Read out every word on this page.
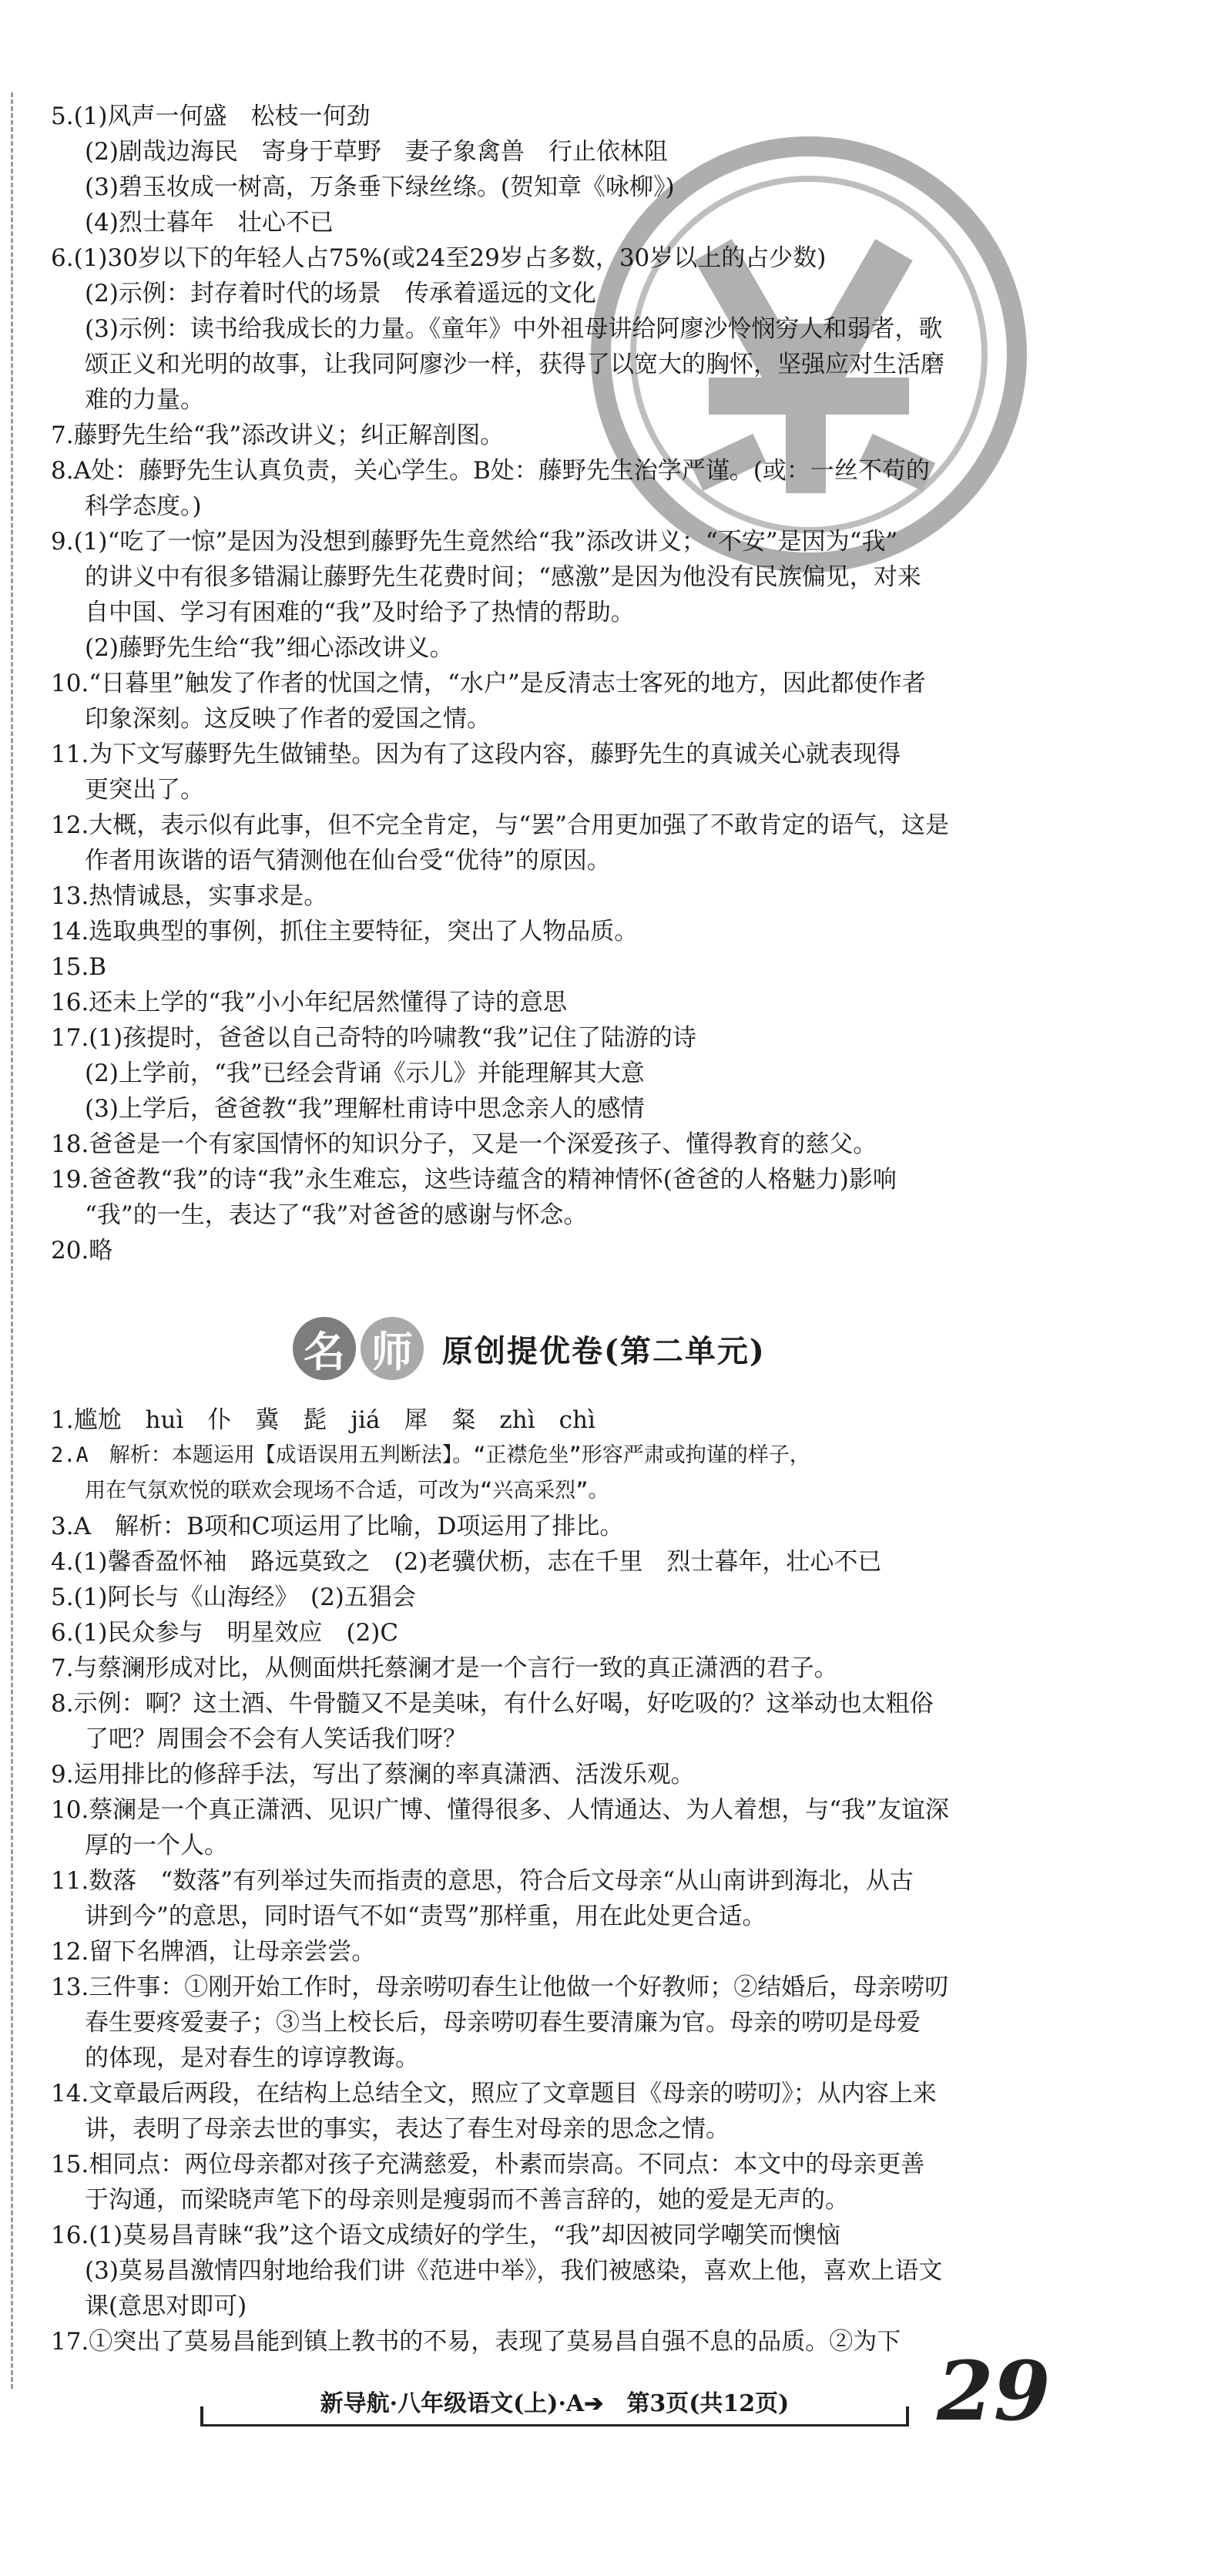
5.(1)风声一何盛　松枝一何劲
(2)剧哉边海民　寄身于草野　妻子象禽兽　行止依林阻
(3)碧玉妆成一树高，万条垂下绿丝绦。(贺知章《咏柳》)
(4)烈士暮年　壮心不已
6.(1)30岁以下的年轻人占75%(或24至29岁占多数，30岁以上的占少数)
(2)示例：封存着时代的场景　传承着遥远的文化
(3)示例：读书给我成长的力量。《童年》中外祖母讲给阿廖沙怜悯穷人和弱者，歌
颂正义和光明的故事，让我同阿廖沙一样，获得了以宽大的胸怀，坚强应对生活磨
难的力量。
7.藤野先生给“我”添改讲义；纠正解剖图。
8.A处：藤野先生认真负责，关心学生。B处：藤野先生治学严谨。(或：一丝不苟的
科学态度。)
9.(1)“吃了一惊”是因为没想到藤野先生竟然给“我”添改讲义；“不安”是因为“我”
的讲义中有很多错漏让藤野先生花费时间；“感激”是因为他没有民族偏见，对来
自中国、学习有困难的“我”及时给予了热情的帮助。
(2)藤野先生给“我”细心添改讲义。
10.“日暮里”触发了作者的忧国之情，“水户”是反清志士客死的地方，因此都使作者
印象深刻。这反映了作者的爱国之情。
11.为下文写藤野先生做铺垫。因为有了这段内容，藤野先生的真诚关心就表现得
更突出了。
12.大概，表示似有此事，但不完全肯定，与“罢”合用更加强了不敢肯定的语气，这是
作者用诙谐的语气猜测他在仙台受“优待”的原因。
13.热情诚恳，实事求是。
14.选取典型的事例，抓住主要特征，突出了人物品质。
15.B
16.还未上学的“我”小小年纪居然懂得了诗的意思
17.(1)孩提时，爸爸以自己奇特的吟啸教“我”记住了陆游的诗
(2)上学前，“我”已经会背诵《示儿》并能理解其大意
(3)上学后，爸爸教“我”理解杜甫诗中思念亲人的感情
18.爸爸是一个有家国情怀的知识分子，又是一个深爱孩子、懂得教育的慈父。
19.爸爸教“我”的诗“我”永生难忘，这些诗蕴含的精神情怀(爸爸的人格魅力)影响
“我”的一生，表达了“我”对爸爸的感谢与怀念。
20.略
名 师 原创提优卷(第二单元)
1.尴尬　huì　仆　冀　髭　jiá　犀　粲　zhì　chì
2.A　解析：本题运用【成语误用五判断法】。“正襟危坐”形容严肃或拘谨的样子，
用在气氛欢悦的联欢会现场不合适，可改为“兴高采烈”。
3.A　解析：B项和C项运用了比喻，D项运用了排比。
4.(1)馨香盈怀袖　路远莫致之　(2)老骥伏枥，志在千里　烈士暮年，壮心不已
5.(1)阿长与《山海经》　(2)五猖会
6.(1)民众参与　明星效应　(2)C
7.与蔡澜形成对比，从侧面烘托蔡澜才是一个言行一致的真正潇洒的君子。
8.示例：啊？这土酒、牛骨髓又不是美味，有什么好喝，好吃吸的？这举动也太粗俗
了吧？周围会不会有人笑话我们呀？
9.运用排比的修辞手法，写出了蔡澜的率真潇洒、活泼乐观。
10.蔡澜是一个真正潇洒、见识广博、懂得很多、人情通达、为人着想，与“我”友谊深
厚的一个人。
11.数落　“数落”有列举过失而指责的意思，符合后文母亲“从山南讲到海北，从古
讲到今”的意思，同时语气不如“责骂”那样重，用在此处更合适。
12.留下名牌酒，让母亲尝尝。
13.三件事：①刚开始工作时，母亲唠叨春生让他做一个好教师；②结婚后，母亲唠叨
春生要疼爱妻子；③当上校长后，母亲唠叨春生要清廉为官。母亲的唠叨是母爱
的体现，是对春生的谆谆教诲。
14.文章最后两段，在结构上总结全文，照应了文章题目《母亲的唠叨》；从内容上来
讲，表明了母亲去世的事实，表达了春生对母亲的思念之情。
15.相同点：两位母亲都对孩子充满慈爱，朴素而崇高。不同点：本文中的母亲更善
于沟通，而梁晓声笔下的母亲则是瘦弱而不善言辞的，她的爱是无声的。
16.(1)莫易昌青睐“我”这个语文成绩好的学生，“我”却因被同学嘲笑而懊恼
(3)莫易昌激情四射地给我们讲《范进中举》，我们被感染，喜欢上他，喜欢上语文
课(意思对即可)
17.①突出了莫易昌能到镇上教书的不易，表现了莫易昌自强不息的品质。②为下
新导航·八年级语文(上)·A➔　第3页(共12页) 29
